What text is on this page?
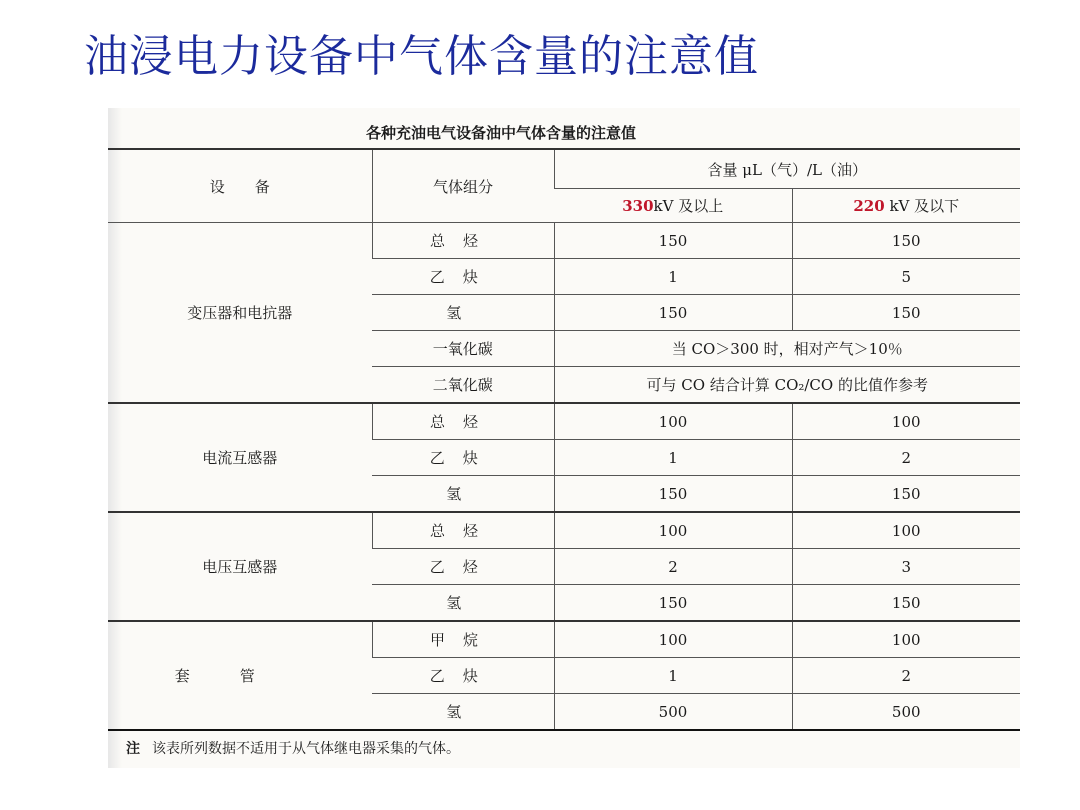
油浸电力设备中气体含量的注意值
各种充油电气设备油中气体含量的注意值
设　　备	气体组分	含量 μL（气）/L（油）	
		330kV 及以上	220 kV 及以下
变压器和电抗器	总烃	150	150
	乙炔	1	5
	氢	150	150
	一氧化碳	当 CO＞300 时，相对产气＞10％	
	二氧化碳	可与 CO 结合计算 CO₂/CO 的比值作参考	
电流互感器	总烃	100	100
	乙炔	1	2
	氢	150	150
电压互感器	总烃	100	100
	乙烃	2	3
	氢	150	150
套管	甲烷	100	100
	乙炔	1	2
	氢	500	500
注 该表所列数据不适用于从气体继电器采集的气体。
